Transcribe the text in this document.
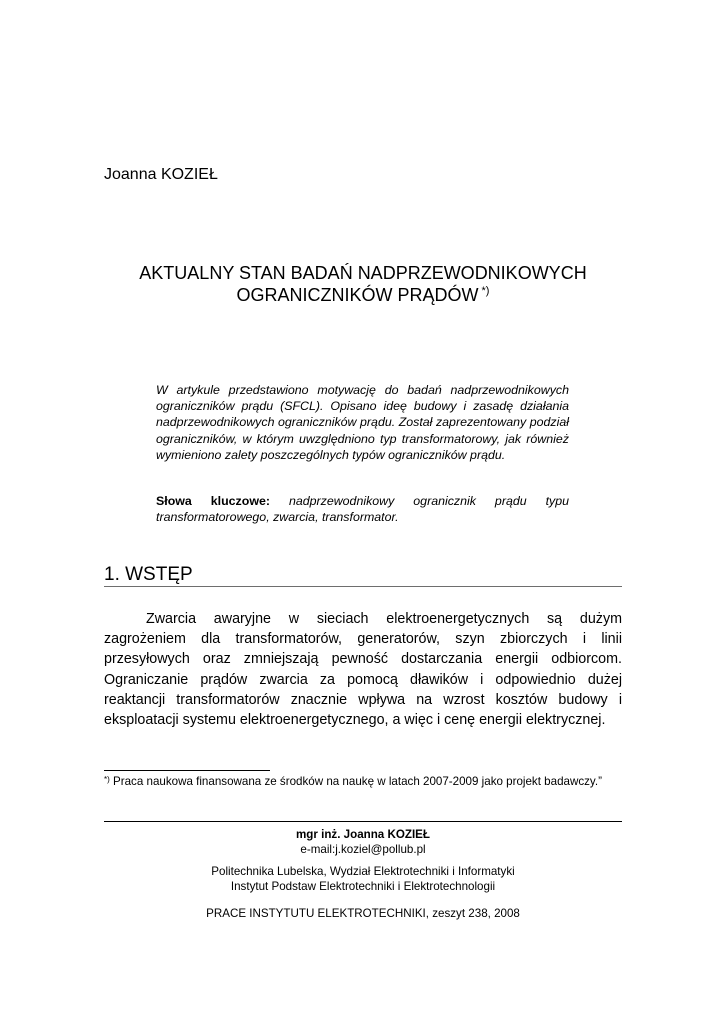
Joanna KOZIEŁ
AKTUALNY STAN BADAŃ NADPRZEWODNIKOWYCH
OGRANICZNIKÓW PRĄDÓW *)
W artykule przedstawiono motywację do badań nadprzewodnikowych ograniczników prądu (SFCL). Opisano ideę budowy i zasadę działania nadprzewodnikowych ograniczników prądu. Został zaprezentowany podział ograniczników, w którym uwzględniono typ transformatorowy, jak również wymieniono zalety poszczególnych typów ograniczników prądu.
Słowa kluczowe: nadprzewodnikowy ogranicznik prądu typu transformatorowego, zwarcia, transformator.
1. WSTĘP
Zwarcia awaryjne w sieciach elektroenergetycznych są dużym zagrożeniem dla transformatorów, generatorów, szyn zbiorczych i linii przesyłowych oraz zmniejszają pewność dostarczania energii odbiorcom. Ograniczanie prądów zwarcia za pomocą dławików i odpowiednio dużej reaktancji transformatorów znacznie wpływa na wzrost kosztów budowy i eksploatacji systemu elektroenergetycznego, a więc i cenę energii elektrycznej.
*) Praca naukowa finansowana ze środków na naukę w latach 2007-2009 jako projekt badawczy.”
mgr inż. Joanna KOZIEŁ
e-mail:j.koziel@pollub.pl
Politechnika Lubelska, Wydział Elektrotechniki i Informatyki
Instytut Podstaw Elektrotechniki i Elektrotechnologii
PRACE INSTYTUTU ELEKTROTECHNIKI, zeszyt 238, 2008
